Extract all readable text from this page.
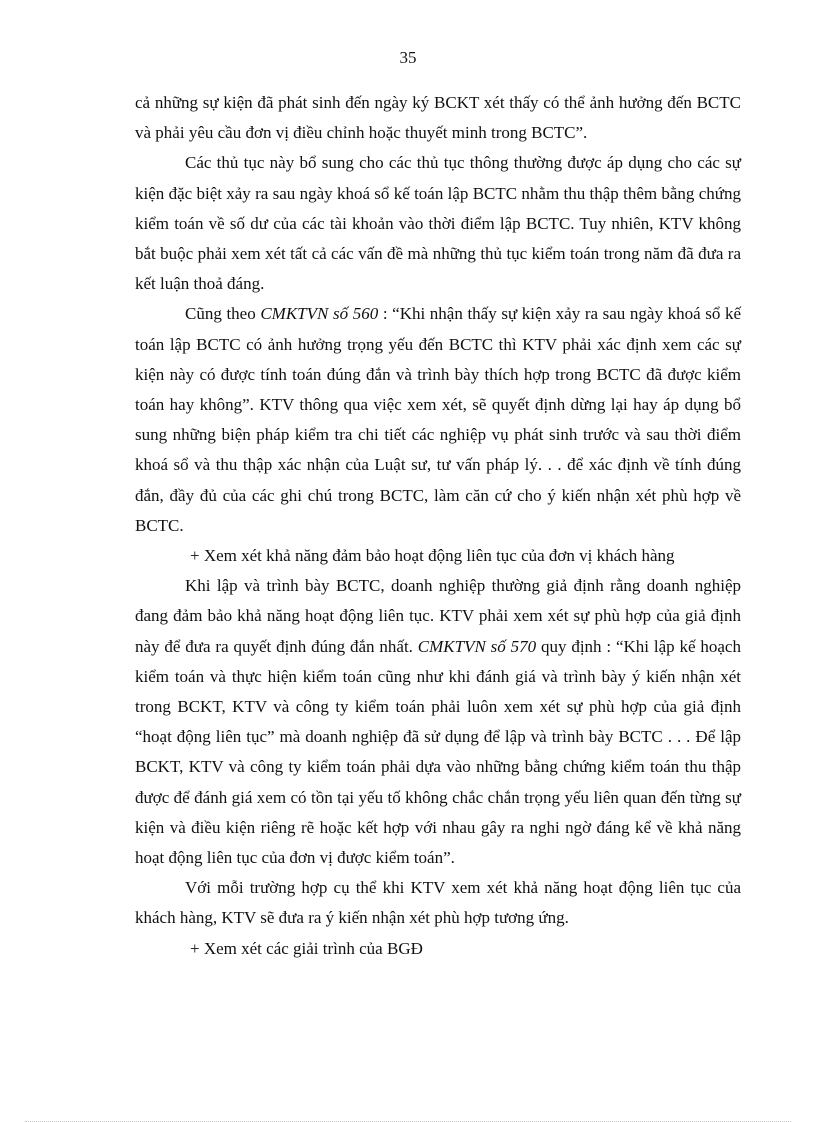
35

cả những sự kiện đã phát sinh đến ngày ký BCKT xét thấy có thể ảnh hưởng đến BCTC và phải yêu cầu đơn vị điều chỉnh hoặc thuyết minh trong BCTC”.

Các thủ tục này bổ sung cho các thủ tục thông thường được áp dụng cho các sự kiện đặc biệt xảy ra sau ngày khoá sổ kế toán lập BCTC nhằm thu thập thêm bằng chứng kiểm toán về số dư của các tài khoản vào thời điểm lập BCTC. Tuy nhiên, KTV không bắt buộc phải xem xét tất cả các vấn đề mà những thủ tục kiểm toán trong năm đã đưa ra kết luận thoả đáng.

Cũng theo CMKTVN số 560 : “Khi nhận thấy sự kiện xảy ra sau ngày khoá sổ kế toán lập BCTC có ảnh hưởng trọng yếu đến BCTC thì KTV phải xác định xem các sự kiện này có được tính toán đúng đắn và trình bày thích hợp trong BCTC đã được kiểm toán hay không”. KTV thông qua việc xem xét, sẽ quyết định dừng lại hay áp dụng bổ sung những biện pháp kiểm tra chi tiết các nghiệp vụ phát sinh trước và sau thời điểm khoá sổ và thu thập xác nhận của Luật sư, tư vấn pháp lý. . . để xác định về tính đúng đắn, đầy đủ của các ghi chú trong BCTC, làm căn cứ cho ý kiến nhận xét phù hợp về BCTC.

+ Xem xét khả năng đảm bảo hoạt động liên tục của đơn vị khách hàng

Khi lập và trình bày BCTC, doanh nghiệp thường giả định rằng doanh nghiệp đang đảm bảo khả năng hoạt động liên tục. KTV phải xem xét sự phù hợp của giả định này để đưa ra quyết định đúng đắn nhất. CMKTVN số 570 quy định : “Khi lập kế hoạch kiểm toán và thực hiện kiểm toán cũng như khi đánh giá và trình bày ý kiến nhận xét trong BCKT, KTV và công ty kiểm toán phải luôn xem xét sự phù hợp của giả định “hoạt động liên tục” mà doanh nghiệp đã sử dụng để lập và trình bày BCTC . . . Để lập BCKT, KTV và công ty kiểm toán phải dựa vào những bằng chứng kiểm toán thu thập được để đánh giá xem có tồn tại yếu tố không chắc chắn trọng yếu liên quan đến từng sự kiện và điều kiện riêng rẽ hoặc kết hợp với nhau gây ra nghi ngờ đáng kể về khả năng hoạt động liên tục của đơn vị được kiểm toán”.

Với mỗi trường hợp cụ thể khi KTV xem xét khả năng hoạt động liên tục của khách hàng, KTV sẽ đưa ra ý kiến nhận xét phù hợp tương ứng.

+ Xem xét các giải trình của BGĐ
